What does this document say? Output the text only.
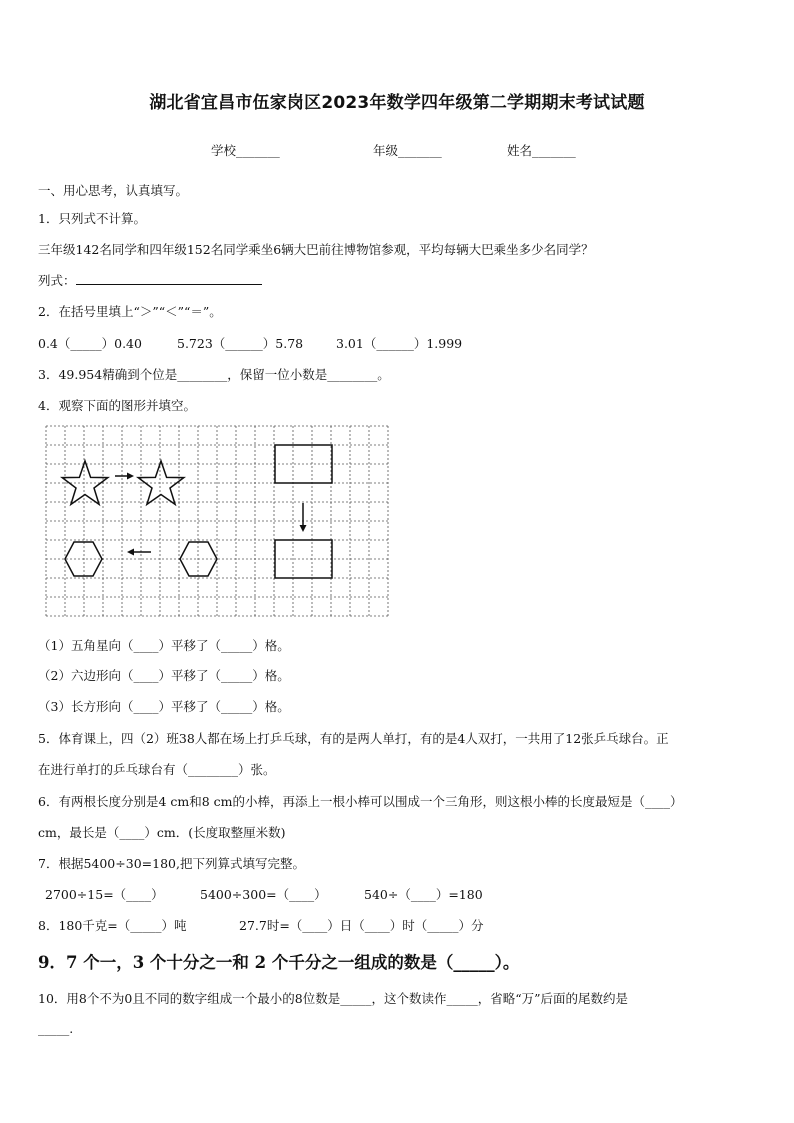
湖北省宜昌市伍家岗区2023年数学四年级第二学期期末考试试题
学校_______	年级_______	姓名_______
一、用心思考，认真填写。
1．只列式不计算。
三年级142名同学和四年级152名同学乘坐6辆大巴前往博物馆参观，平均每辆大巴乘坐多少名同学？
列式：
2．在括号里填上“＞”“＜”“＝”。
0.4（_____）0.40	5.723（______）5.78	3.01（______）1.999
3．49.954精确到个位是________，保留一位小数是________。
4．观察下面的图形并填空。
（1）五角星向（____）平移了（_____）格。
（2）六边形向（____）平移了（_____）格。
（3）长方形向（____）平移了（_____）格。
5．体育课上，四（2）班38人都在场上打乒乓球，有的是两人单打，有的是4人双打，一共用了12张乒乓球台。正
在进行单打的乒乓球台有（________）张。
6．有两根长度分别是4 cm和8 cm的小棒，再添上一根小棒可以围成一个三角形，则这根小棒的长度最短是（____）
cm，最长是（____）cm．(长度取整厘米数)
7．根据5400÷30=180,把下列算式填写完整。
2700÷15=（____）	5400÷300=（____）	540÷（____）=180
8．180千克=（_____）吨	27.7时=（____）日（____）时（_____）分
9．7 个一，3 个十分之一和 2 个千分之一组成的数是（_____）。
10．用8个不为0且不同的数字组成一个最小的8位数是_____，这个数读作_____，省略“万”后面的尾数约是
_____.
